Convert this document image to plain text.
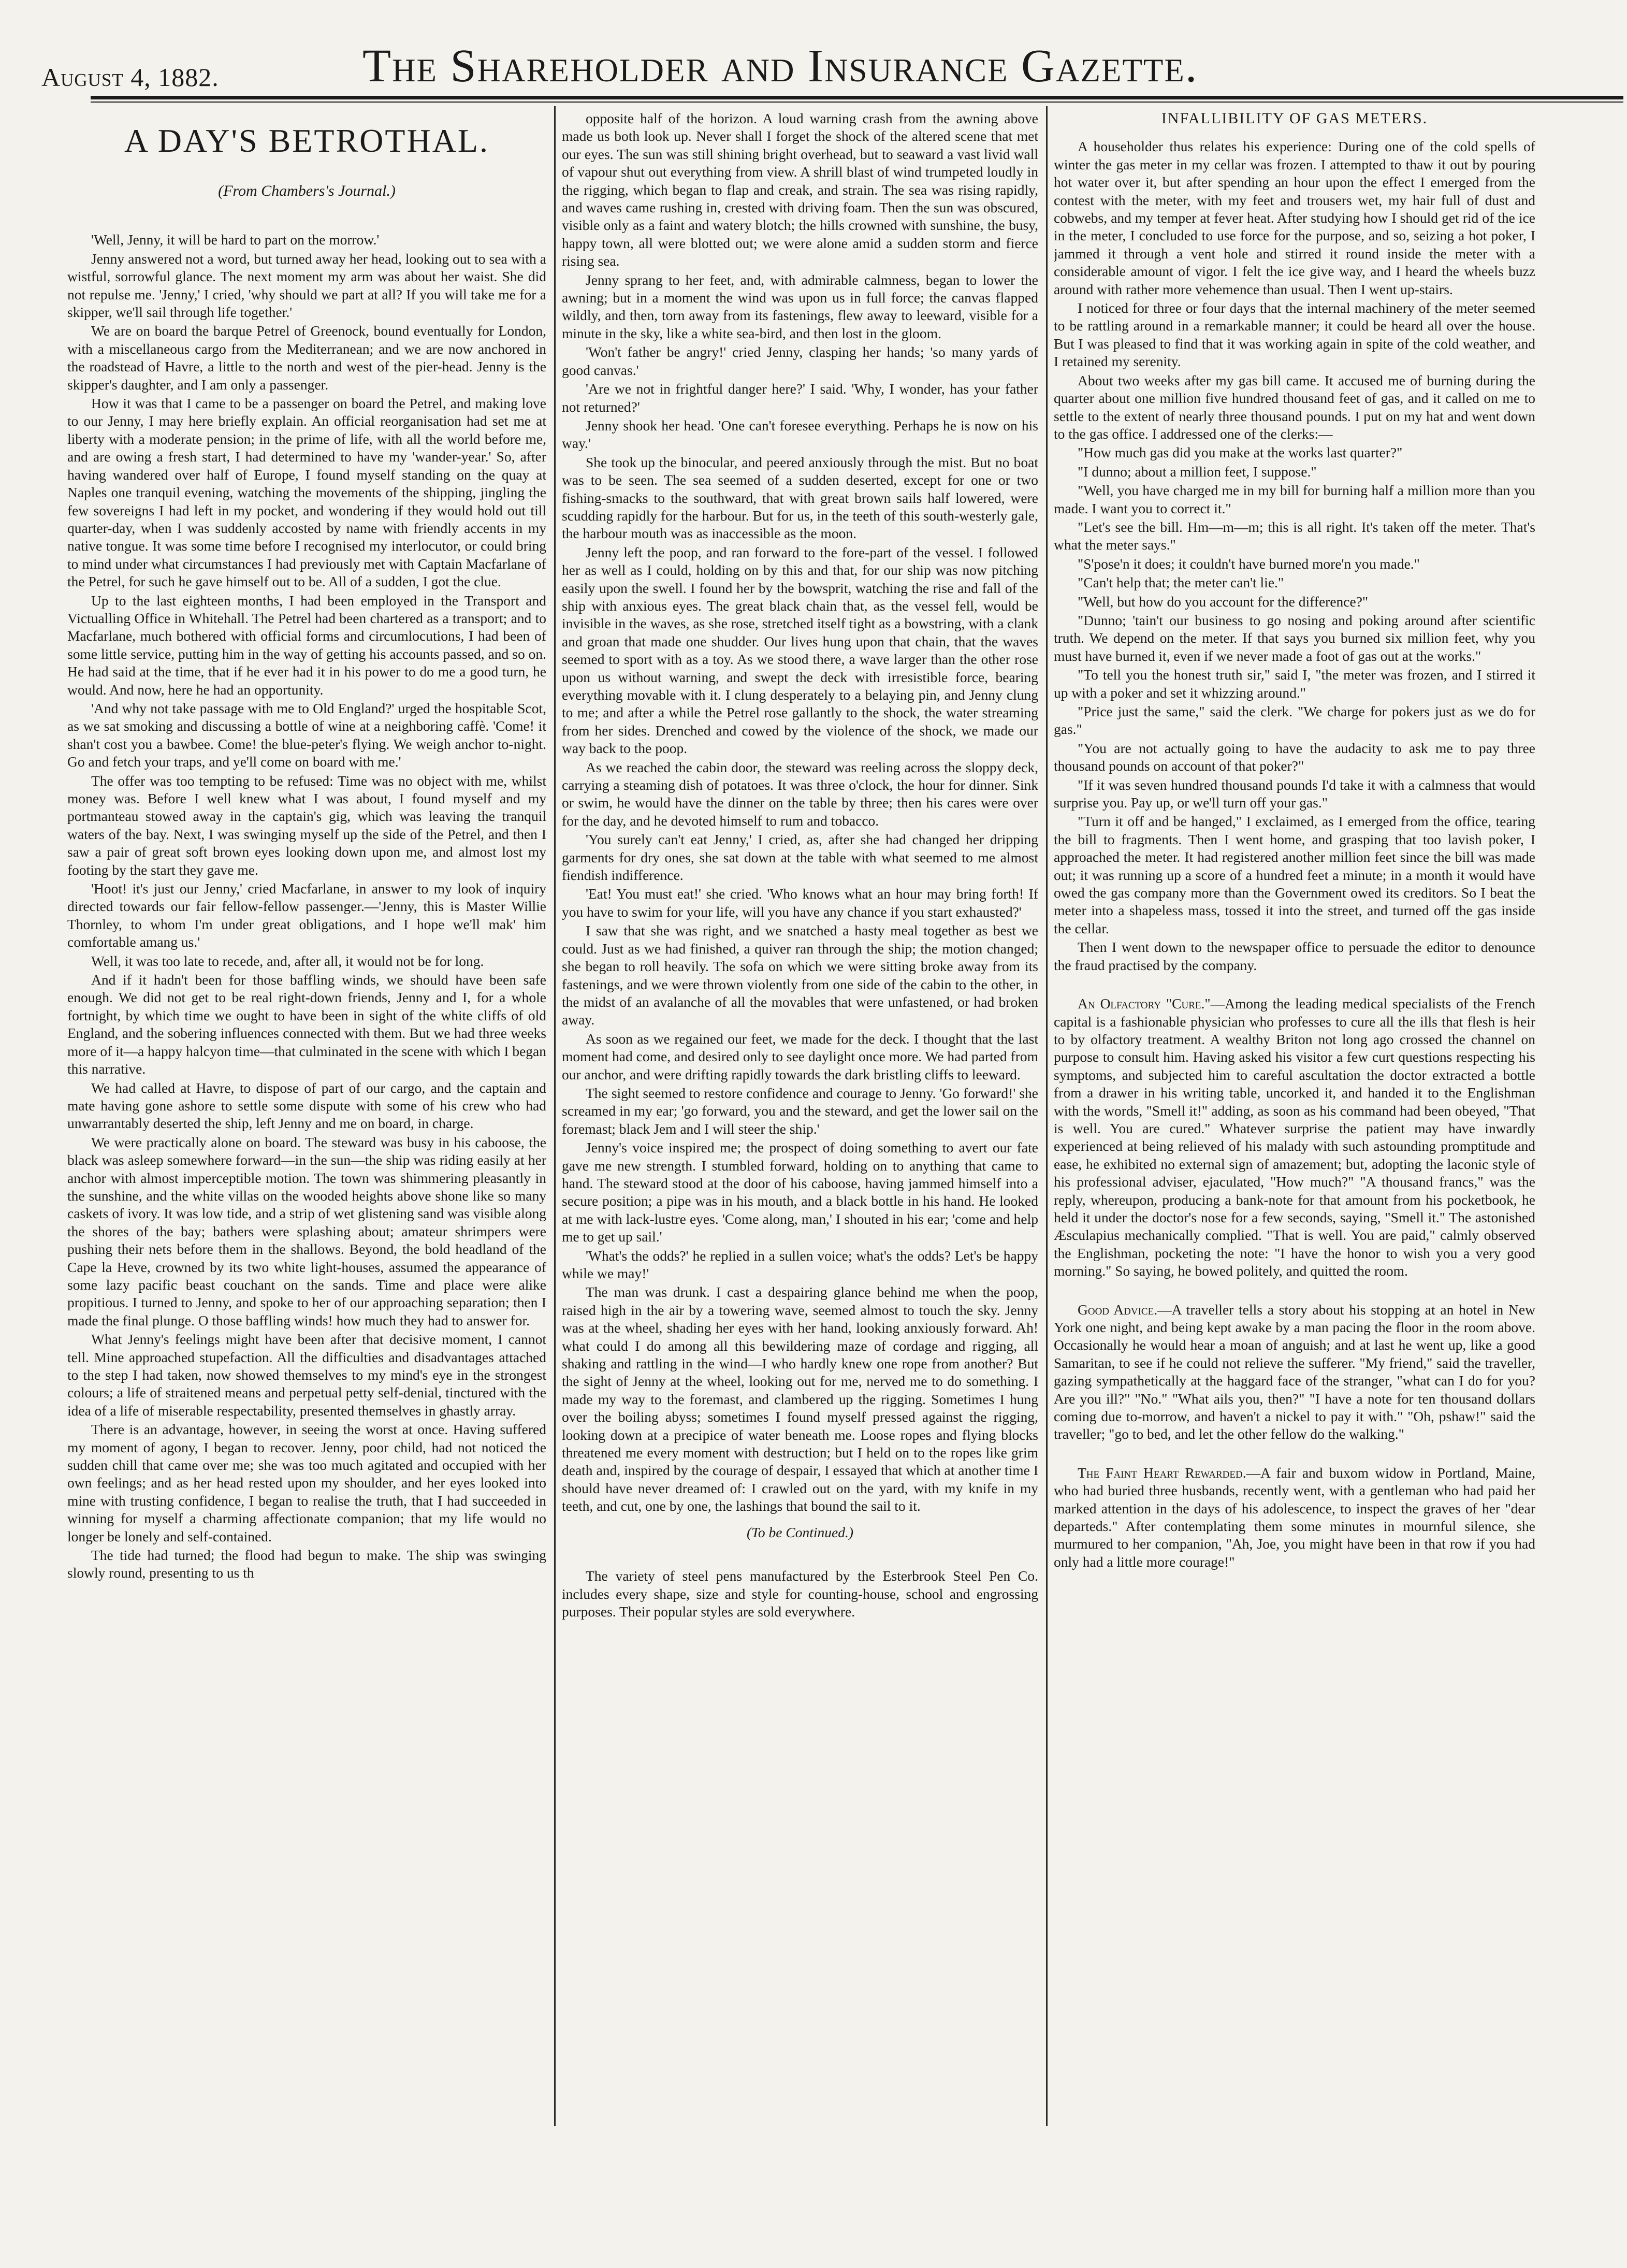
August 4, 1882.	The Shareholder and Insurance Gazette.
A DAY'S BETROTHAL.
(From Chambers's Journal.)

'Well, Jenny, it will be hard to part on the morrow.'

Jenny answered not a word, but turned away her head, looking out to sea with a wistful, sorrowful glance. The next moment my arm was about her waist. She did not repulse me. 'Jenny,' I cried, 'why should we part at all? If you will take me for a skipper, we'll sail through life together.'

We are on board the barque Petrel of Greenock, bound eventually for London, with a miscellaneous cargo from the Mediterranean; and we are now anchored in the roadstead of Havre, a little to the north and west of the pier-head. Jenny is the skipper's daughter, and I am only a passenger.

How it was that I came to be a passenger on board the Petrel, and making love to our Jenny, I may here briefly explain. An official reorganisation had set me at liberty with a moderate pension; in the prime of life, with all the world before me, and are owing a fresh start, I had determined to have my 'wander-year.' So, after having wandered over half of Europe, I found myself standing on the quay at Naples one tranquil evening, watching the movements of the shipping, jingling the few sovereigns I had left in my pocket, and wondering if they would hold out till quarter-day, when I was suddenly accosted by name with friendly accents in my native tongue. It was some time before I recognised my interlocutor, or could bring to mind under what circumstances I had previously met with Captain Macfarlane of the Petrel, for such he gave himself out to be. All of a sudden, I got the clue.

Up to the last eighteen months, I had been employed in the Transport and Victualling Office in Whitehall. The Petrel had been chartered as a transport; and to Macfarlane, much bothered with official forms and circumlocutions, I had been of some little service, putting him in the way of getting his accounts passed, and so on. He had said at the time, that if he ever had it in his power to do me a good turn, he would. And now, here he had an opportunity.

'And why not take passage with me to Old England?' urged the hospitable Scot, as we sat smoking and discussing a bottle of wine at a neighboring caffè. 'Come! it shan't cost you a bawbee. Come! the blue-peter's flying. We weigh anchor to-night. Go and fetch your traps, and ye'll come on board with me.'

The offer was too tempting to be refused: Time was no object with me, whilst money was. Before I well knew what I was about, I found myself and my portmanteau stowed away in the captain's gig, which was leaving the tranquil waters of the bay. Next, I was swinging myself up the side of the Petrel, and then I saw a pair of great soft brown eyes looking down upon me, and almost lost my footing by the start they gave me.

'Hoot! it's just our Jenny,' cried Macfarlane, in answer to my look of inquiry directed towards our fair fellow-fellow passenger.—'Jenny, this is Master Willie Thornley, to whom I'm under great obligations, and I hope we'll mak' him comfortable amang us.'

Well, it was too late to recede, and, after all, it would not be for long.

And if it hadn't been for those baffling winds, we should have been safe enough. We did not get to be real right-down friends, Jenny and I, for a whole fortnight, by which time we ought to have been in sight of the white cliffs of old England, and the sobering influences connected with them. But we had three weeks more of it—a happy halcyon time—that culminated in the scene with which I began this narrative.

We had called at Havre, to dispose of part of our cargo, and the captain and mate having gone ashore to settle some dispute with some of his crew who had unwarrantably deserted the ship, left Jenny and me on board, in charge.

We were practically alone on board. The steward was busy in his caboose, the black was asleep somewhere forward—in the sun—the ship was riding easily at her anchor with almost imperceptible motion. The town was shimmering pleasantly in the sunshine, and the white villas on the wooded heights above shone like so many caskets of ivory. It was low tide, and a strip of wet glistening sand was visible along the shores of the bay; bathers were splashing about; amateur shrimpers were pushing their nets before them in the shallows. Beyond, the bold headland of the Cape la Heve, crowned by its two white light-houses, assumed the appearance of some lazy pacific beast couchant on the sands. Time and place were alike propitious. I turned to Jenny, and spoke to her of our approaching separation; then I made the final plunge. O those baffling winds! how much they had to answer for.

What Jenny's feelings might have been after that decisive moment, I cannot tell. Mine approached stupefaction. All the difficulties and disadvantages attached to the step I had taken, now showed themselves to my mind's eye in the strongest colours; a life of straitened means and perpetual petty self-denial, tinctured with the idea of a life of miserable respectability, presented themselves in ghastly array.

There is an advantage, however, in seeing the worst at once. Having suffered my moment of agony, I began to recover. Jenny, poor child, had not noticed the sudden chill that came over me; she was too much agitated and occupied with her own feelings; and as her head rested upon my shoulder, and her eyes looked into mine with trusting confidence, I began to realise the truth, that I had succeeded in winning for myself a charming affectionate companion; that my life would no longer be lonely and self-contained.

The tide had turned; the flood had begun to make. The ship was swinging slowly round, presenting to us th

opposite half of the horizon. A loud warning crash from the awning above made us both look up. Never shall I forget the shock of the altered scene that met our eyes. The sun was still shining bright overhead, but to seaward a vast livid wall of vapour shut out everything from view. A shrill blast of wind trumpeted loudly in the rigging, which began to flap and creak, and strain. The sea was rising rapidly, and waves came rushing in, crested with driving foam. Then the sun was obscured, visible only as a faint and watery blotch; the hills crowned with sunshine, the busy, happy town, all were blotted out; we were alone amid a sudden storm and fierce rising sea.

Jenny sprang to her feet, and, with admirable calmness, began to lower the awning; but in a moment the wind was upon us in full force; the canvas flapped wildly, and then, torn away from its fastenings, flew away to leeward, visible for a minute in the sky, like a white sea-bird, and then lost in the gloom.

'Won't father be angry!' cried Jenny, clasping her hands; 'so many yards of good canvas.'

'Are we not in frightful danger here?' I said. 'Why, I wonder, has your father not returned?'

Jenny shook her head. 'One can't foresee everything. Perhaps he is now on his way.'

She took up the binocular, and peered anxiously through the mist. But no boat was to be seen. The sea seemed of a sudden deserted, except for one or two fishing-smacks to the southward, that with great brown sails half lowered, were scudding rapidly for the harbour. But for us, in the teeth of this south-westerly gale, the harbour mouth was as inaccessible as the moon.

Jenny left the poop, and ran forward to the fore-part of the vessel. I followed her as well as I could, holding on by this and that, for our ship was now pitching easily upon the swell. I found her by the bowsprit, watching the rise and fall of the ship with anxious eyes. The great black chain that, as the vessel fell, would be invisible in the waves, as she rose, stretched itself tight as a bowstring, with a clank and groan that made one shudder. Our lives hung upon that chain, that the waves seemed to sport with as a toy. As we stood there, a wave larger than the other rose upon us without warning, and swept the deck with irresistible force, bearing everything movable with it. I clung desperately to a belaying pin, and Jenny clung to me; and after a while the Petrel rose gallantly to the shock, the water streaming from her sides. Drenched and cowed by the violence of the shock, we made our way back to the poop.

As we reached the cabin door, the steward was reeling across the sloppy deck, carrying a steaming dish of potatoes. It was three o'clock, the hour for dinner. Sink or swim, he would have the dinner on the table by three; then his cares were over for the day, and he devoted himself to rum and tobacco.

'You surely can't eat Jenny,' I cried, as, after she had changed her dripping garments for dry ones, she sat down at the table with what seemed to me almost fiendish indifference.

'Eat! You must eat!' she cried. 'Who knows what an hour may bring forth! If you have to swim for your life, will you have any chance if you start exhausted?'

I saw that she was right, and we snatched a hasty meal together as best we could. Just as we had finished, a quiver ran through the ship; the motion changed; she began to roll heavily. The sofa on which we were sitting broke away from its fastenings, and we were thrown violently from one side of the cabin to the other, in the midst of an avalanche of all the movables that were unfastened, or had broken away.

As soon as we regained our feet, we made for the deck. I thought that the last moment had come, and desired only to see daylight once more. We had parted from our anchor, and were drifting rapidly towards the dark bristling cliffs to leeward.

The sight seemed to restore confidence and courage to Jenny. 'Go forward!' she screamed in my ear; 'go forward, you and the steward, and get the lower sail on the foremast; black Jem and I will steer the ship.'

Jenny's voice inspired me; the prospect of doing something to avert our fate gave me new strength. I stumbled forward, holding on to anything that came to hand. The steward stood at the door of his caboose, having jammed himself into a secure position; a pipe was in his mouth, and a black bottle in his hand. He looked at me with lack-lustre eyes. 'Come along, man,' I shouted in his ear; 'come and help me to get up sail.'

'What's the odds?' he replied in a sullen voice; what's the odds? Let's be happy while we may!'

The man was drunk. I cast a despairing glance behind me when the poop, raised high in the air by a towering wave, seemed almost to touch the sky. Jenny was at the wheel, shading her eyes with her hand, looking anxiously forward. Ah! what could I do among all this bewildering maze of cordage and rigging, all shaking and rattling in the wind—I who hardly knew one rope from another? But the sight of Jenny at the wheel, looking out for me, nerved me to do something. I made my way to the foremast, and clambered up the rigging. Sometimes I hung over the boiling abyss; sometimes I found myself pressed against the rigging, looking down at a precipice of water beneath me. Loose ropes and flying blocks threatened me every moment with destruction; but I held on to the ropes like grim death and, inspired by the courage of despair, I essayed that which at another time I should have never dreamed of: I crawled out on the yard, with my knife in my teeth, and cut, one by one, the lashings that bound the sail to it.

(To be Continued.)

The variety of steel pens manufactured by the Esterbrook Steel Pen Co. includes every shape, size and style for counting-house, school and engrossing purposes. Their popular styles are sold everywhere.

INFALLIBILITY OF GAS METERS.

A householder thus relates his experience: During one of the cold spells of winter the gas meter in my cellar was frozen. I attempted to thaw it out by pouring hot water over it, but after spending an hour upon the effect I emerged from the contest with the meter, with my feet and trousers wet, my hair full of dust and cobwebs, and my temper at fever heat. After studying how I should get rid of the ice in the meter, I concluded to use force for the purpose, and so, seizing a hot poker, I jammed it through a vent hole and stirred it round inside the meter with a considerable amount of vigor. I felt the ice give way, and I heard the wheels buzz around with rather more vehemence than usual. Then I went up-stairs.

I noticed for three or four days that the internal machinery of the meter seemed to be rattling around in a remarkable manner; it could be heard all over the house. But I was pleased to find that it was working again in spite of the cold weather, and I retained my serenity.

About two weeks after my gas bill came. It accused me of burning during the quarter about one million five hundred thousand feet of gas, and it called on me to settle to the extent of nearly three thousand pounds. I put on my hat and went down to the gas office. I addressed one of the clerks:—

"How much gas did you make at the works last quarter?"

"I dunno; about a million feet, I suppose."

"Well, you have charged me in my bill for burning half a million more than you made. I want you to correct it."

"Let's see the bill. Hm—m—m; this is all right. It's taken off the meter. That's what the meter says."

"S'pose'n it does; it couldn't have burned more'n you made."

"Can't help that; the meter can't lie."

"Well, but how do you account for the difference?"

"Dunno; 'tain't our business to go nosing and poking around after scientific truth. We depend on the meter. If that says you burned six million feet, why you must have burned it, even if we never made a foot of gas out at the works."

"To tell you the honest truth sir," said I, "the meter was frozen, and I stirred it up with a poker and set it whizzing around."

"Price just the same," said the clerk. "We charge for pokers just as we do for gas."

"You are not actually going to have the audacity to ask me to pay three thousand pounds on account of that poker?"

"If it was seven hundred thousand pounds I'd take it with a calmness that would surprise you. Pay up, or we'll turn off your gas."

"Turn it off and be hanged," I exclaimed, as I emerged from the office, tearing the bill to fragments. Then I went home, and grasping that too lavish poker, I approached the meter. It had registered another million feet since the bill was made out; it was running up a score of a hundred feet a minute; in a month it would have owed the gas company more than the Government owed its creditors. So I beat the meter into a shapeless mass, tossed it into the street, and turned off the gas inside the cellar.

Then I went down to the newspaper office to persuade the editor to denounce the fraud practised by the company.

An Olfactory "Cure."—Among the leading medical specialists of the French capital is a fashionable physician who professes to cure all the ills that flesh is heir to by olfactory treatment. A wealthy Briton not long ago crossed the channel on purpose to consult him. Having asked his visitor a few curt questions respecting his symptoms, and subjected him to careful ascultation the doctor extracted a bottle from a drawer in his writing table, uncorked it, and handed it to the Englishman with the words, "Smell it!" adding, as soon as his command had been obeyed, "That is well. You are cured." Whatever surprise the patient may have inwardly experienced at being relieved of his malady with such astounding promptitude and ease, he exhibited no external sign of amazement; but, adopting the laconic style of his professional adviser, ejaculated, "How much?" "A thousand francs," was the reply, whereupon, producing a bank-note for that amount from his pocketbook, he held it under the doctor's nose for a few seconds, saying, "Smell it." The astonished Æsculapius mechanically complied. "That is well. You are paid," calmly observed the Englishman, pocketing the note: "I have the honor to wish you a very good morning." So saying, he bowed politely, and quitted the room.

Good Advice.—A traveller tells a story about his stopping at an hotel in New York one night, and being kept awake by a man pacing the floor in the room above. Occasionally he would hear a moan of anguish; and at last he went up, like a good Samaritan, to see if he could not relieve the sufferer. "My friend," said the traveller, gazing sympathetically at the haggard face of the stranger, "what can I do for you? Are you ill?" "No." "What ails you, then?" "I have a note for ten thousand dollars coming due to-morrow, and haven't a nickel to pay it with." "Oh, pshaw!" said the traveller; "go to bed, and let the other fellow do the walking."

The Faint Heart Rewarded.—A fair and buxom widow in Portland, Maine, who had buried three husbands, recently went, with a gentleman who had paid her marked attention in the days of his adolescence, to inspect the graves of her "dear departeds." After contemplating them some minutes in mournful silence, she murmured to her companion, "Ah, Joe, you might have been in that row if you had only had a little more courage!"
